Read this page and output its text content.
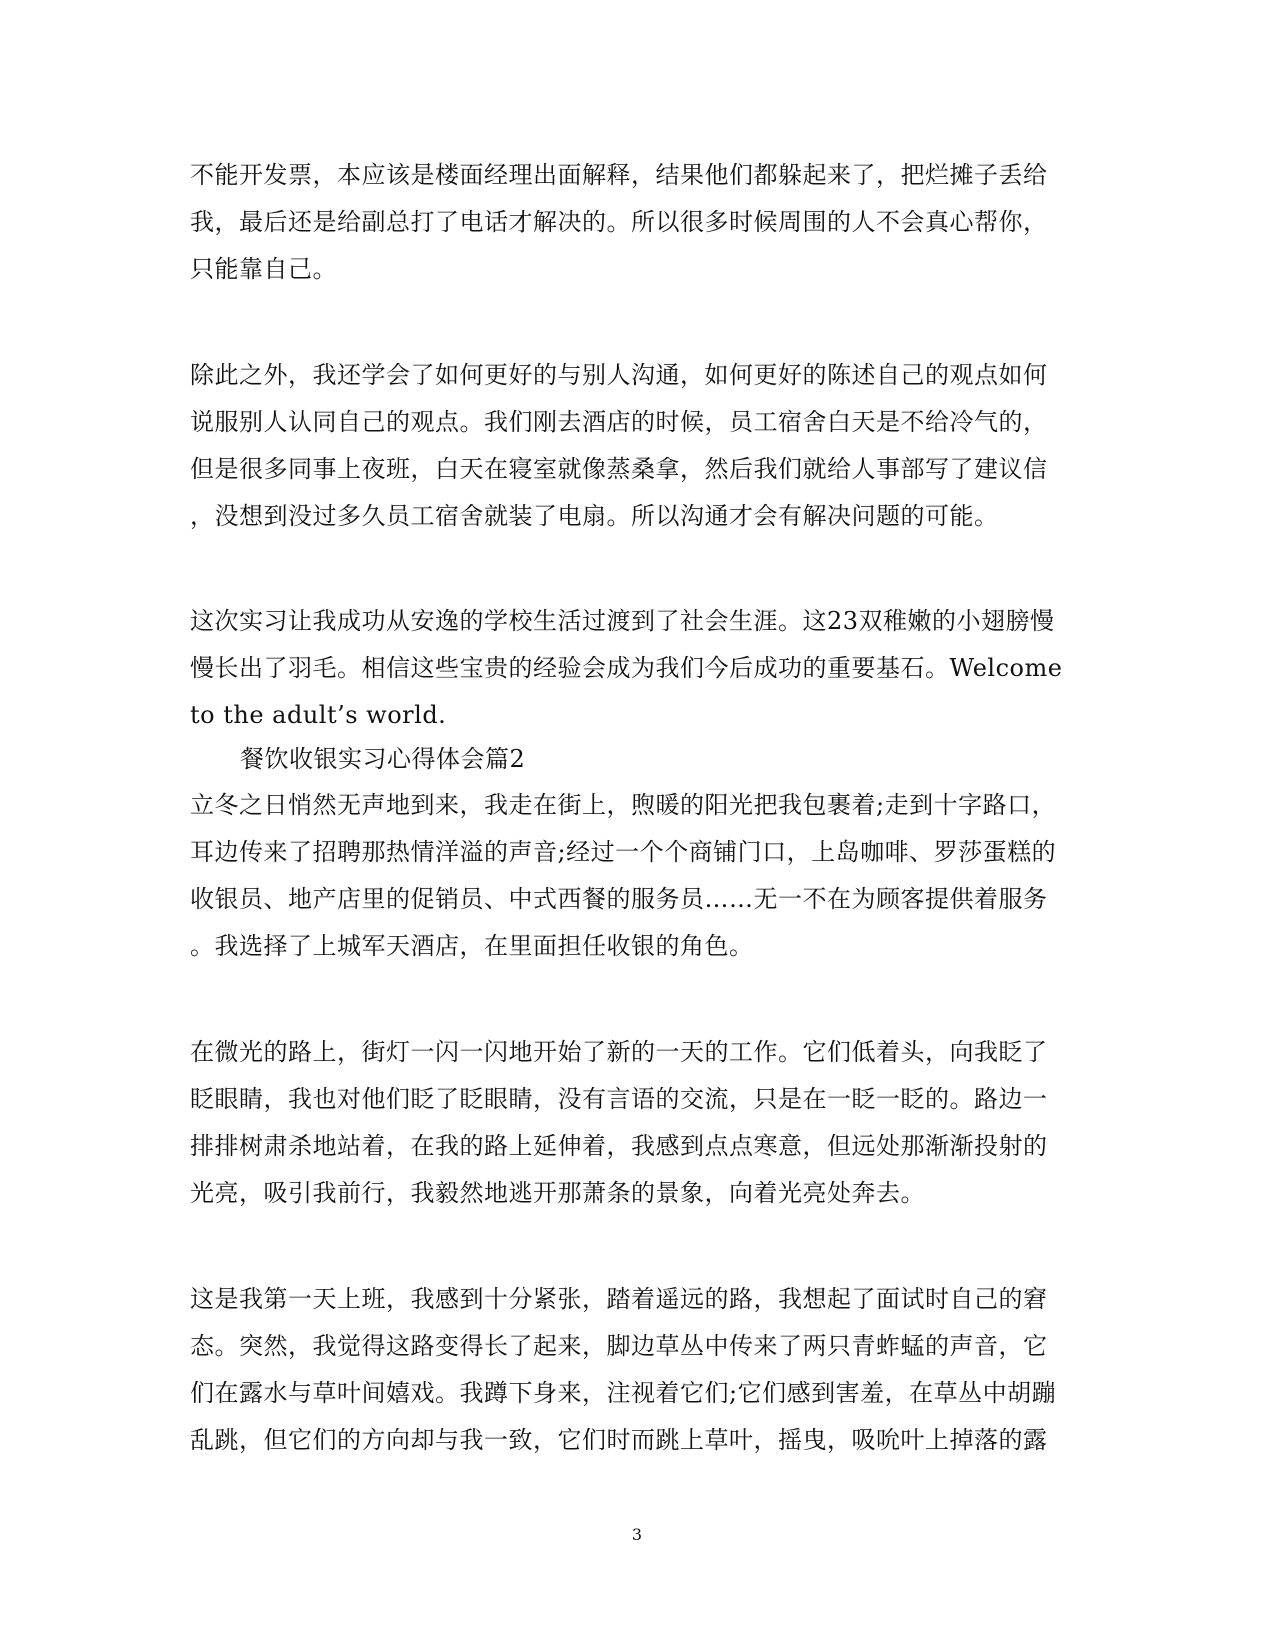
不能开发票，本应该是楼面经理出面解释，结果他们都躲起来了，把烂摊子丢给
我，最后还是给副总打了电话才解决的。所以很多时候周围的人不会真心帮你，
只能靠自己。
除此之外，我还学会了如何更好的与别人沟通，如何更好的陈述自己的观点如何
说服别人认同自己的观点。我们刚去酒店的时候，员工宿舍白天是不给冷气的，
但是很多同事上夜班，白天在寝室就像蒸桑拿，然后我们就给人事部写了建议信
，没想到没过多久员工宿舍就装了电扇。所以沟通才会有解决问题的可能。
这次实习让我成功从安逸的学校生活过渡到了社会生涯。这23双稚嫩的小翅膀慢
慢长出了羽毛。相信这些宝贵的经验会成为我们今后成功的重要基石。Welcome
to the adult’s world.
餐饮收银实习心得体会篇2
立冬之日悄然无声地到来，我走在街上，煦暖的阳光把我包裹着;走到十字路口，
耳边传来了招聘那热情洋溢的声音;经过一个个商铺门口，上岛咖啡、罗莎蛋糕的
收银员、地产店里的促销员、中式西餐的服务员……无一不在为顾客提供着服务
。我选择了上城军天酒店，在里面担任收银的角色。
在微光的路上，街灯一闪一闪地开始了新的一天的工作。它们低着头，向我眨了
眨眼睛，我也对他们眨了眨眼睛，没有言语的交流，只是在一眨一眨的。路边一
排排树肃杀地站着，在我的路上延伸着，我感到点点寒意，但远处那渐渐投射的
光亮，吸引我前行，我毅然地逃开那萧条的景象，向着光亮处奔去。
这是我第一天上班，我感到十分紧张，踏着遥远的路，我想起了面试时自己的窘
态。突然，我觉得这路变得长了起来，脚边草丛中传来了两只青蚱蜢的声音，它
们在露水与草叶间嬉戏。我蹲下身来，注视着它们;它们感到害羞，在草丛中胡蹦
乱跳，但它们的方向却与我一致，它们时而跳上草叶，摇曳，吸吮叶上掉落的露
3
